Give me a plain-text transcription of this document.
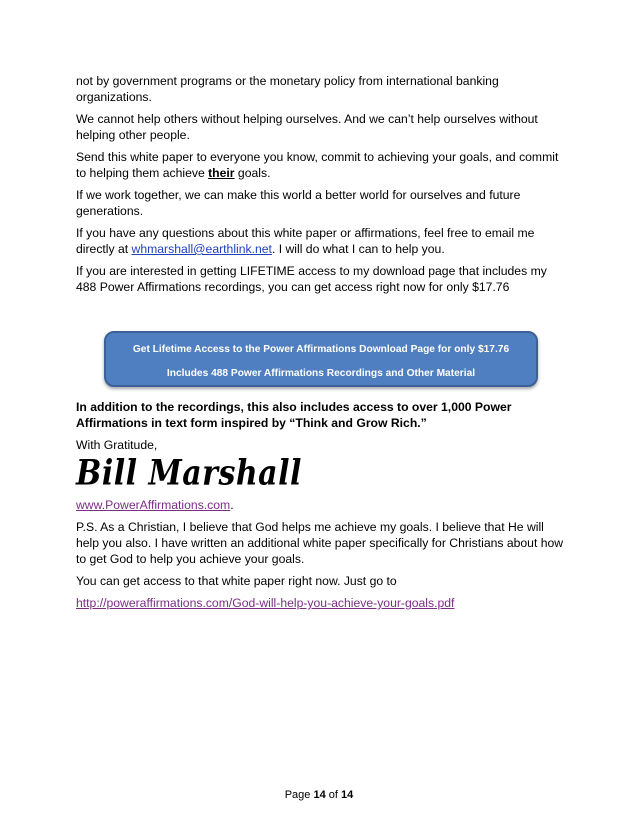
not by government programs or the monetary policy from international banking organizations.

We cannot help others without helping ourselves. And we can’t help ourselves without helping other people.

Send this white paper to everyone you know, commit to achieving your goals, and commit to helping them achieve their goals.

If we work together, we can make this world a better world for ourselves and future generations.

If you have any questions about this white paper or affirmations, feel free to email me directly at whmarshall@earthlink.net. I will do what I can to help you.

If you are interested in getting LIFETIME access to my download page that includes my 488 Power Affirmations recordings, you can get access right now for only $17.76

Get Lifetime Access to the Power Affirmations Download Page for only $17.76
Includes 488 Power Affirmations Recordings and Other Material

In addition to the recordings, this also includes access to over 1,000 Power Affirmations in text form inspired by “Think and Grow Rich.”

With Gratitude,

Bill Marshall

www.PowerAffirmations.com.

P.S. As a Christian, I believe that God helps me achieve my goals. I believe that He will help you also. I have written an additional white paper specifically for Christians about how to get God to help you achieve your goals.

You can get access to that white paper right now. Just go to

http://poweraffirmations.com/God-will-help-you-achieve-your-goals.pdf

Page 14 of 14
